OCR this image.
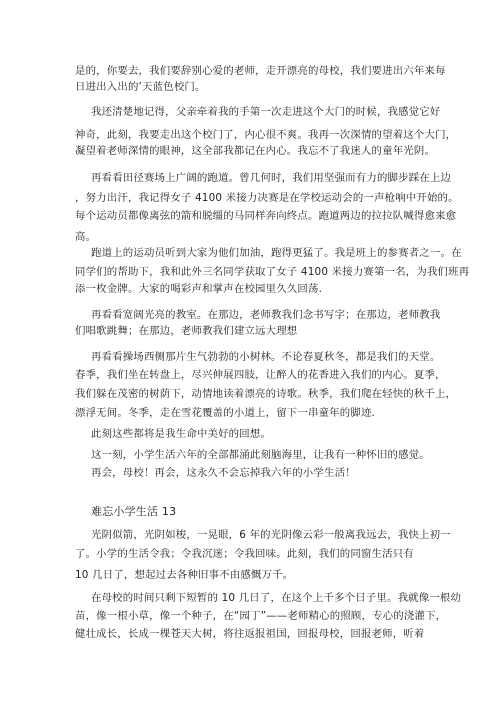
是的，你要去，我们要辞别心爱的老师，走开漂亮的母校，我们要进出六年来每
日进出入出的’天蓝色校门。
我还清楚地记得，父亲牵着我的手第一次走进这个大门的时候，我感觉它好
神奇，此刻，我要走出这个校门了，内心很不爽。我再一次深情的望着这个大门，
凝望着老师深情的眼神，这全部我都记在内心。我忘不了我迷人的童年光阴。
再看看田径赛场上广阔的跑道。曾几何时，我们用坚强而有力的脚步踩在上边
，努力出汗，我记得女子 4100 米接力决赛是在学校运动会的一声枪响中开始的。
每个运动员都像离弦的箭和脱缰的马同样奔向终点。跑道两边的拉拉队喊得愈来愈
高。
跑道上的运动员听到大家为他们加油，跑得更猛了。我是班上的参赛者之一。在
同学们的帮助下，我和此外三名同学获取了女子 4100 米接力赛第一名，为我们班再
添一枚金牌。大家的喝彩声和掌声在校园里久久回荡.
再看看宽阔光亮的教室。在那边，老师教我们念书写字；在那边，老师教我
们唱歌跳舞；在那边，老师教我们建立远大理想
再看看操场西侧那片生气勃勃的小树林。不论春夏秋冬，都是我们的天堂。
春季，我们坐在转盘上，尽兴伸展四肢，让醉人的花香进入我们的内心。夏季，
我们躲在茂密的树荫下，动情地读着漂亮的诗歌。秋季，我们爬在轻快的秋千上，
漂浮无间。冬季，走在雪花覆盖的小道上，留下一串童年的脚迹.
此刻这些都将是我生命中美好的回想。
这一刻，小学生活六年的全部都涌此刻脑海里，让我有一种怀旧的感觉。
再会，母校！再会，这永久不会忘掉我六年的小学生活！
难忘小学生活 13
光阴似箭，光阴如梭，一晃眼，6 年的光阴像云彩一般离我远去，我快上初一
了。小学的生活令我；令我沉迷；令我回味。此刻，我们的同窗生活只有
10 几日了，想起过去各种旧事不由感慨万千。
在母校的时间只剩下短暂的 10 几日了，在这个上千多个日子里。我就像一根幼
苗，像一根小草，像一个种子，在“园丁”——老师精心的照顾，专心的浇灌下，
健壮成长，长成一棵苍天大树，将往返报祖国，回报母校，回报老师，听着
